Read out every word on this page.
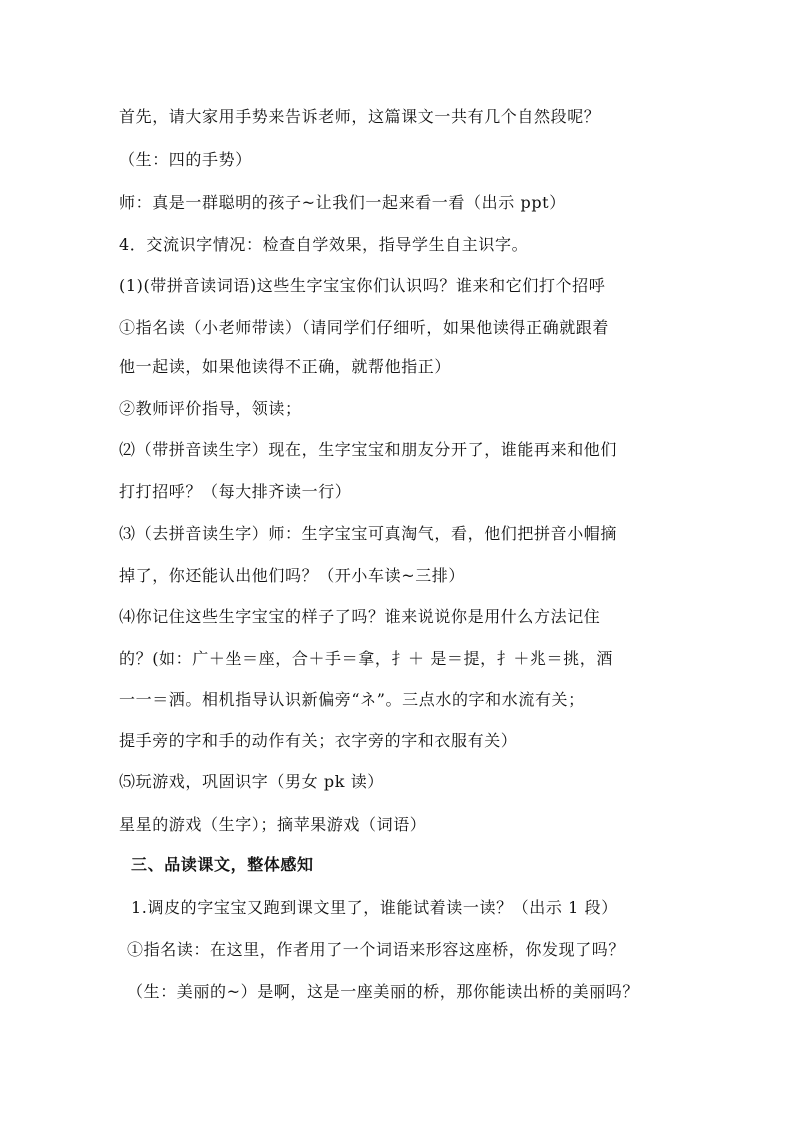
首先，请大家用手势来告诉老师，这篇课文一共有几个自然段呢？
（生：四的手势）
师：真是一群聪明的孩子~让我们一起来看一看（出示 ppt）
4．交流识字情况：检查自学效果，指导学生自主识字。
(1)(带拼音读词语)这些生字宝宝你们认识吗？谁来和它们打个招呼
①指名读（小老师带读）（请同学们仔细听，如果他读得正确就跟着
他一起读，如果他读得不正确，就帮他指正）
②教师评价指导，领读；
⑵（带拼音读生字）现在，生字宝宝和朋友分开了，谁能再来和他们
打打招呼？（每大排齐读一行）
⑶（去拼音读生字）师：生字宝宝可真淘气，看，他们把拼音小帽摘
掉了，你还能认出他们吗？（开小车读~三排）
⑷你记住这些生字宝宝的样子了吗？谁来说说你是用什么方法记住
的？(如：广＋坐＝座，合＋手＝拿，扌＋ 是＝提，扌＋兆＝挑，酒
一一＝洒。相机指导认识新偏旁“ネ”。三点水的字和水流有关；
提手旁的字和手的动作有关；衣字旁的字和衣服有关）
⑸玩游戏，巩固识字（男女 pk 读）
星星的游戏（生字）；摘苹果游戏（词语）
三、品读课文，整体感知
1.调皮的字宝宝又跑到课文里了，谁能试着读一读？（出示 1 段）
①指名读：在这里，作者用了一个词语来形容这座桥，你发现了吗？
（生：美丽的~）是啊，这是一座美丽的桥，那你能读出桥的美丽吗？
